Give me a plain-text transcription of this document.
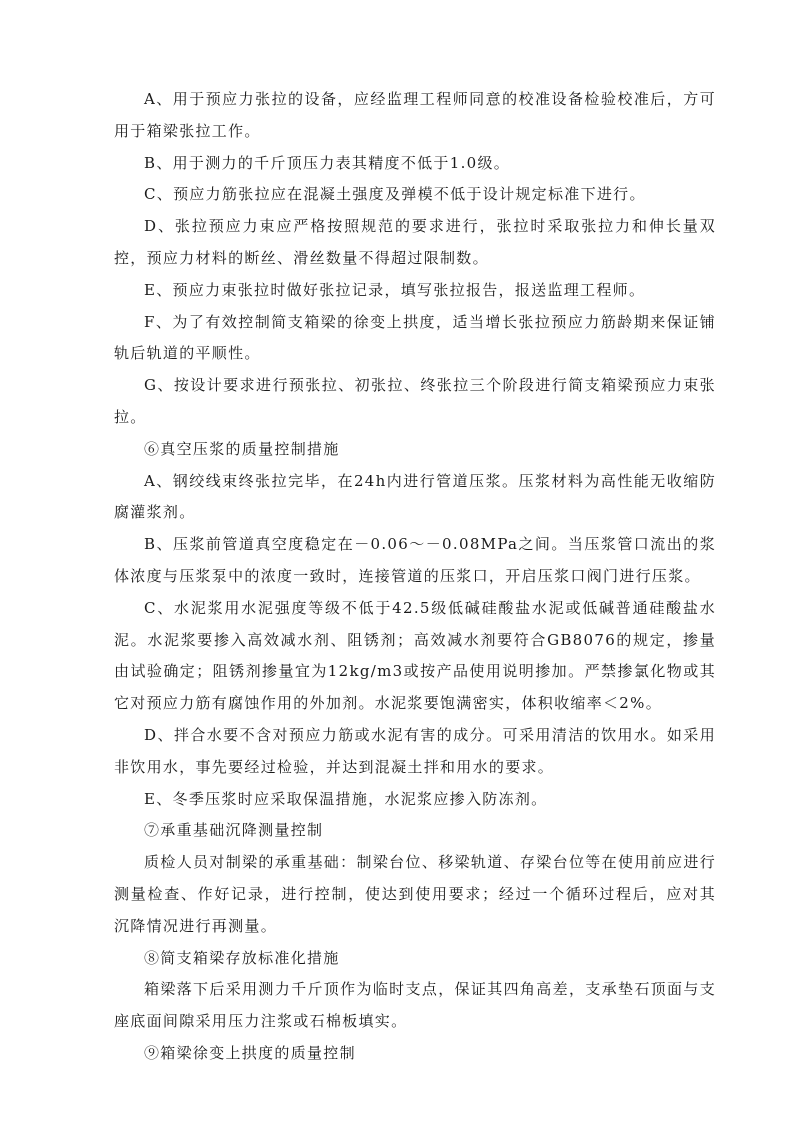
A、用于预应力张拉的设备，应经监理工程师同意的校准设备检验校准后，方可用于箱梁张拉工作。

B、用于测力的千斤顶压力表其精度不低于1.0级。

C、预应力筋张拉应在混凝土强度及弹模不低于设计规定标准下进行。

D、张拉预应力束应严格按照规范的要求进行，张拉时采取张拉力和伸长量双控，预应力材料的断丝、滑丝数量不得超过限制数。

E、预应力束张拉时做好张拉记录，填写张拉报告，报送监理工程师。

F、为了有效控制简支箱梁的徐变上拱度，适当增长张拉预应力筋龄期来保证铺轨后轨道的平顺性。

G、按设计要求进行预张拉、初张拉、终张拉三个阶段进行简支箱梁预应力束张拉。

⑥真空压浆的质量控制措施

A、钢绞线束终张拉完毕，在24h内进行管道压浆。压浆材料为高性能无收缩防腐灌浆剂。

B、压浆前管道真空度稳定在－0.06～－0.08MPa之间。当压浆管口流出的浆体浓度与压浆泵中的浓度一致时，连接管道的压浆口，开启压浆口阀门进行压浆。

C、水泥浆用水泥强度等级不低于42.5级低碱硅酸盐水泥或低碱普通硅酸盐水泥。水泥浆要掺入高效减水剂、阻锈剂；高效减水剂要符合GB8076的规定，掺量由试验确定；阻锈剂掺量宜为12kg/m3或按产品使用说明掺加。严禁掺氯化物或其它对预应力筋有腐蚀作用的外加剂。水泥浆要饱满密实，体积收缩率＜2%。

D、拌合水要不含对预应力筋或水泥有害的成分。可采用清洁的饮用水。如采用非饮用水，事先要经过检验，并达到混凝土拌和用水的要求。

E、冬季压浆时应采取保温措施，水泥浆应掺入防冻剂。

⑦承重基础沉降测量控制

质检人员对制梁的承重基础：制梁台位、移梁轨道、存梁台位等在使用前应进行测量检查、作好记录，进行控制，使达到使用要求；经过一个循环过程后，应对其沉降情况进行再测量。

⑧简支箱梁存放标准化措施

箱梁落下后采用测力千斤顶作为临时支点，保证其四角高差，支承垫石顶面与支座底面间隙采用压力注浆或石棉板填实。

⑨箱梁徐变上拱度的质量控制
